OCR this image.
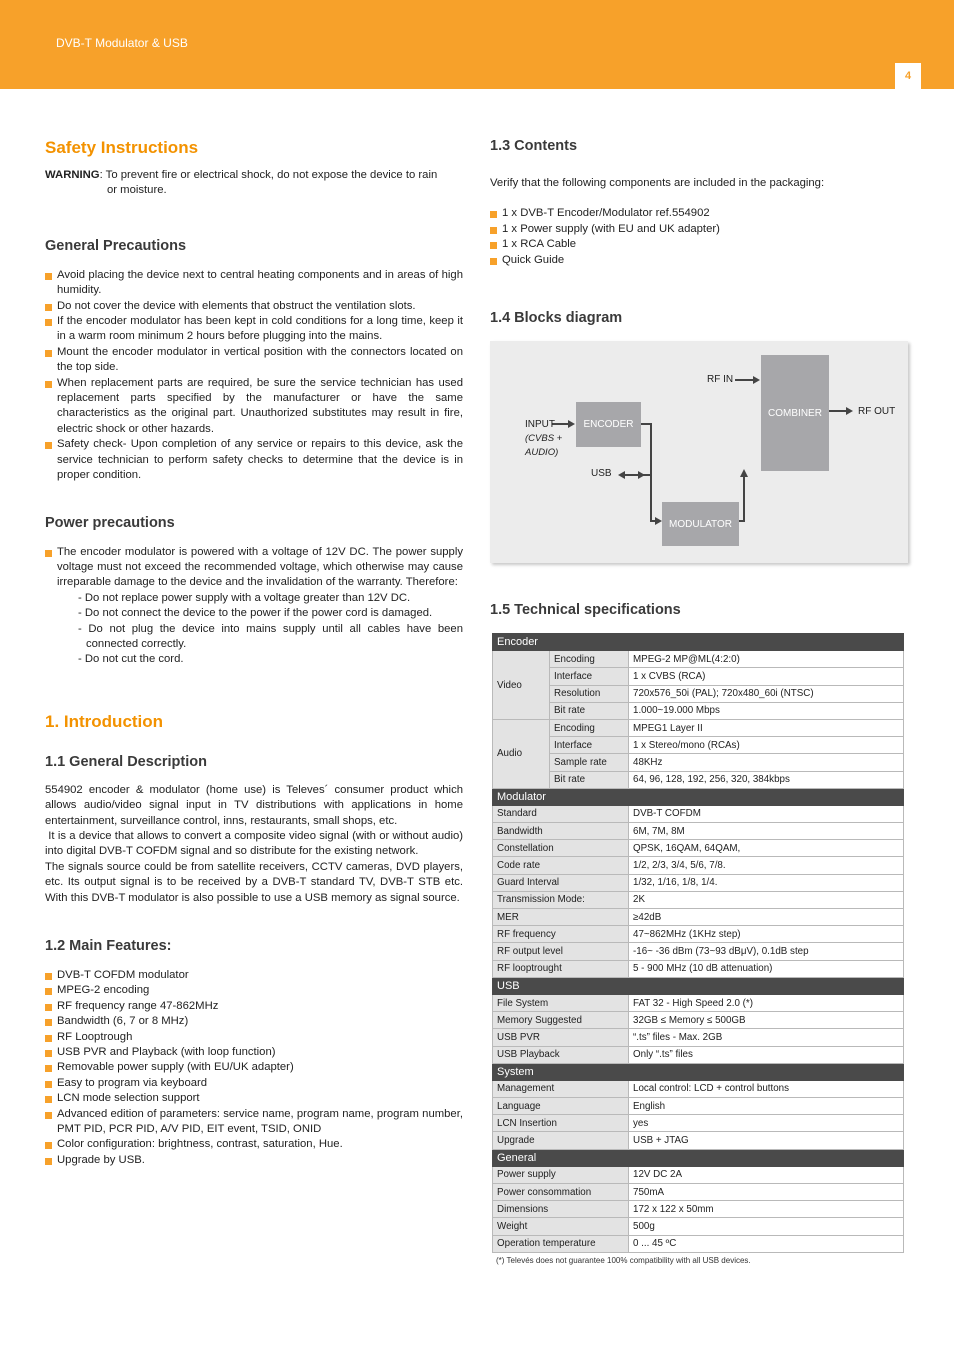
DVB-T Modulator & USB
4
Safety Instructions
WARNING: To prevent fire or electrical shock, do not expose the device to rain
or moisture.
General Precautions
Avoid placing the device next to central heating components and in areas of high humidity.
Do not cover the device with elements that obstruct the ventilation slots.
If the encoder modulator has been kept in cold conditions for a long time, keep it in a warm room minimum 2 hours before plugging into the mains.
Mount the encoder modulator in vertical position with the connectors located on the top side.
When replacement parts are required, be sure the service technician has used replacement parts specified by the manufacturer or have the same characteristics as the original part. Unauthorized substitutes may result in fire, electric shock or other hazards.
Safety check- Upon completion of any service or repairs to this device, ask the service technician to perform safety checks to determine that the device is in proper condition.
Power precautions
The encoder modulator is powered with a voltage of 12V DC. The power supply voltage must not exceed the recommended voltage, which otherwise may cause irreparable damage to the device and the invalidation of the warranty. Therefore:
- Do not replace power supply with a voltage greater than 12V DC.
- Do not connect the device to the power if the power cord is damaged.
- Do not plug the device into mains supply until all cables have been connected correctly.
- Do not cut the cord.
1. Introduction
1.1 General Description
554902 encoder & modulator (home use) is Televes´ consumer product which allows audio/video signal input in TV distributions with applications in home entertainment, surveillance control, inns, restaurants, small shops, etc.
It is a device that allows to convert a composite video signal (with or without audio) into digital DVB-T COFDM signal and so distribute for the existing network.
The signals source could be from satellite receivers, CCTV cameras, DVD players, etc. Its output signal is to be received by a DVB-T standard TV, DVB-T STB etc. With this DVB-T modulator is also possible to use a USB memory as signal source.
1.2 Main Features:
DVB-T COFDM modulator
MPEG-2 encoding
RF frequency range 47-862MHz
Bandwidth (6, 7 or 8 MHz)
RF Looptrough
USB PVR and Playback (with loop function)
Removable power supply (with EU/UK adapter)
Easy to program via keyboard
LCN mode selection support
Advanced edition of parameters: service name, program name, program number, PMT PID, PCR PID, A/V PID, EIT event, TSID, ONID
Color configuration: brightness, contrast, saturation, Hue.
Upgrade by USB.
1.3 Contents
Verify that the following components are included in the packaging:
1 x DVB-T Encoder/Modulator ref.554902
1 x Power supply (with EU and UK adapter)
1 x RCA Cable
Quick Guide
1.4 Blocks diagram
ENCODER
MODULATOR
COMBINER
INPUT
(CVBS +
AUDIO)
USB
RF IN
RF OUT
1.5 Technical specifications
Encoder		
Video	Encoding	MPEG-2 MP@ML(4:2:0)
	Interface	1 x CVBS (RCA)
	Resolution	720x576_50i (PAL); 720x480_60i (NTSC)
	Bit rate	1.000~19.000 Mbps
Audio	Encoding	MPEG1 Layer II
	Interface	1 x Stereo/mono (RCAs)
	Sample rate	48KHz
	Bit rate	64, 96, 128, 192, 256, 320, 384kbps
Modulator		
Standard		DVB-T COFDM
Bandwidth		6M, 7M, 8M
Constellation		QPSK, 16QAM, 64QAM,
Code rate		1/2, 2/3, 3/4, 5/6, 7/8.
Guard Interval		1/32, 1/16, 1/8, 1/4.
Transmission Mode:		2K
MER		≥42dB
RF frequency		47~862MHz (1KHz step)
RF output level		-16~ -36 dBm (73~93 dBμV), 0.1dB step
RF looptrought		5 - 900 MHz (10 dB attenuation)
USB		
File System		FAT 32 - High Speed 2.0 (*)
Memory Suggested		32GB ≤ Memory ≤ 500GB
USB PVR		“.ts” files - Max. 2GB
USB Playback		Only “.ts” files
System		
Management		Local control: LCD + control buttons
Language		English
LCN Insertion		yes
Upgrade		USB + JTAG
General		
Power supply		12V DC 2A
Power consommation		750mA
Dimensions		172 x 122 x 50mm
Weight		500g
Operation temperature		0 ... 45 ºC
(*) Televés does not guarantee 100% compatibility with all USB devices.
